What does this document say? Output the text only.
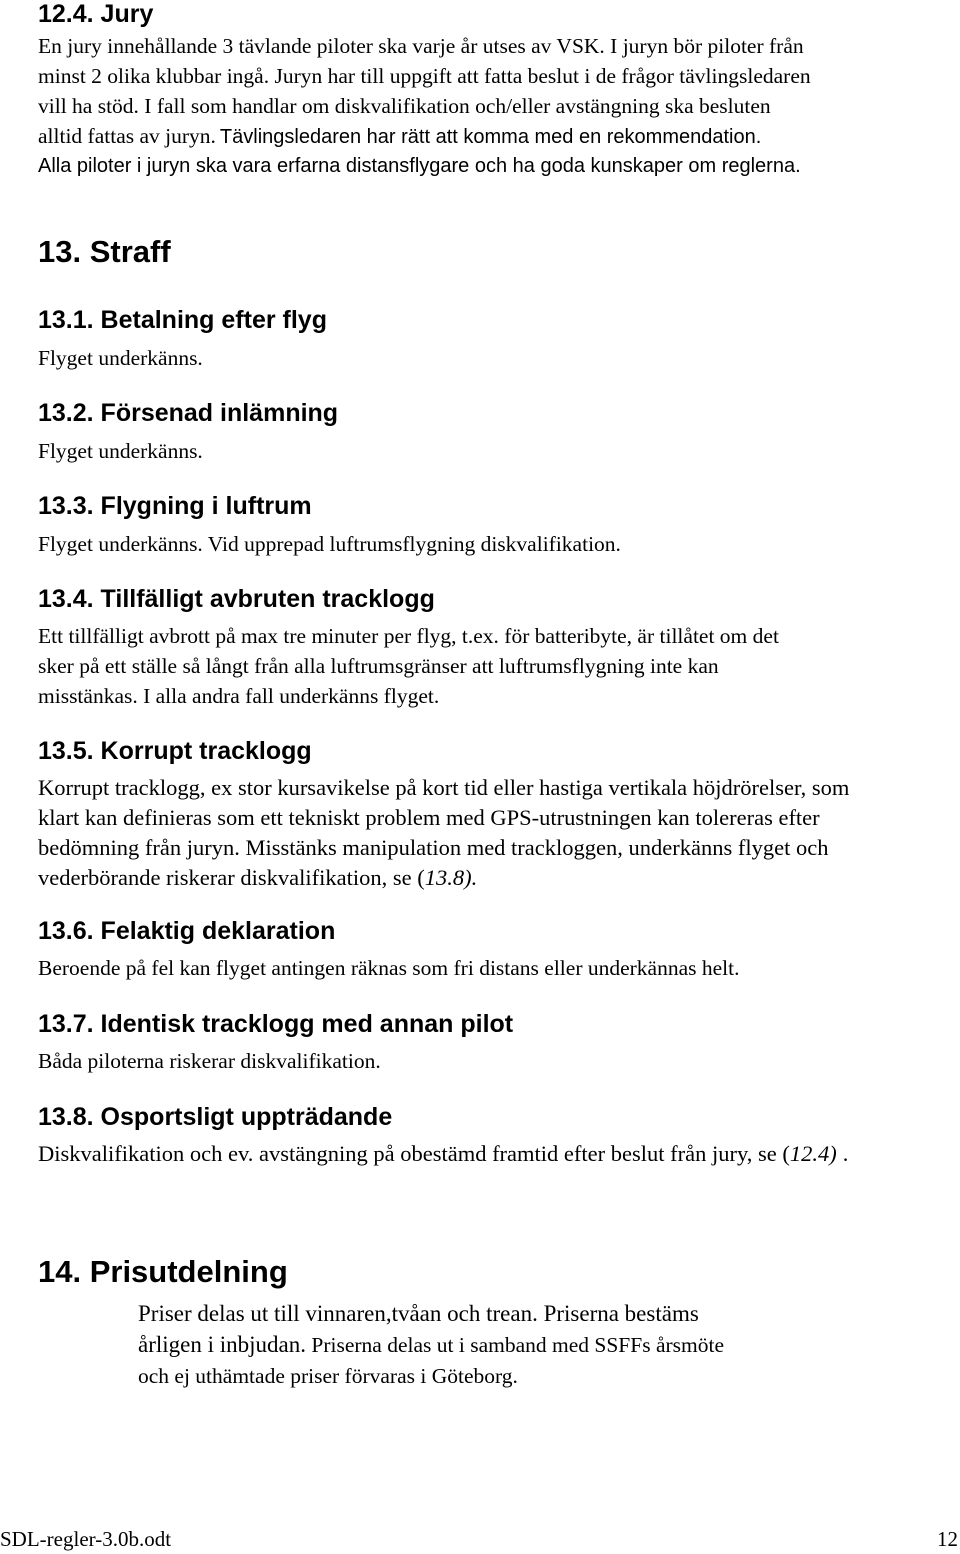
12.4. Jury
En jury innehållande 3 tävlande piloter ska varje år utses av VSK. I juryn bör piloter från
minst 2 olika klubbar ingå. Juryn har till uppgift att fatta beslut i de frågor tävlingsledaren
vill ha stöd. I fall som handlar om diskvalifikation och/eller avstängning ska besluten
alltid fattas av juryn. Tävlingsledaren har rätt att komma med en rekommendation.
Alla piloter i juryn ska vara erfarna distansflygare och ha goda kunskaper om reglerna.
13. Straff
13.1. Betalning efter flyg
Flyget underkänns.
13.2. Försenad inlämning
Flyget underkänns.
13.3. Flygning i luftrum
Flyget underkänns. Vid upprepad luftrumsflygning diskvalifikation.
13.4. Tillfälligt avbruten tracklogg
Ett tillfälligt avbrott på max tre minuter per flyg, t.ex. för batteribyte, är tillåtet om det
sker på ett ställe så långt från alla luftrumsgränser att luftrumsflygning inte kan
misstänkas. I alla andra fall underkänns flyget.
13.5. Korrupt tracklogg
Korrupt tracklogg, ex stor kursavikelse på kort tid eller hastiga vertikala höjdrörelser, som
klart kan definieras som ett tekniskt problem med GPS-utrustningen kan tolereras efter
bedömning från juryn. Misstänks manipulation med trackloggen, underkänns flyget och
vederbörande riskerar diskvalifikation, se (13.8).
13.6. Felaktig deklaration
Beroende på fel kan flyget antingen räknas som fri distans eller underkännas helt.
13.7. Identisk tracklogg med annan pilot
Båda piloterna riskerar diskvalifikation.
13.8. Osportsligt uppträdande
Diskvalifikation och ev. avstängning på obestämd framtid efter beslut från jury, se (12.4) .
14. Prisutdelning
Priser delas ut till vinnaren,tvåan och trean. Priserna bestäms
årligen i inbjudan. Priserna delas ut i samband med SSFFs årsmöte
och ej uthämtade priser förvaras i Göteborg.
SDL-regler-3.0b.odt	12
